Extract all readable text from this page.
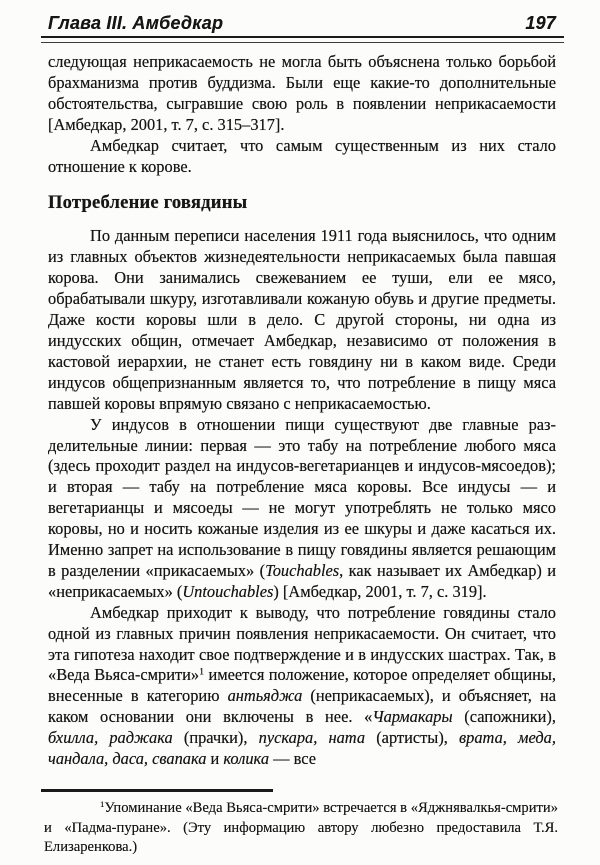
Глава III. Амбедкар	197

следующая неприкасаемость не могла быть объяснена только борьбой брахманизма против буддизма. Были еще какие-то дополнительные обстоятельства, сыгравшие свою роль в появлении неприкасаемости [Амбедкар, 2001, т. 7, с. 315–317].

Амбедкар считает, что самым существенным из них стало отношение к корове.

Потребление говядины

По данным переписи населения 1911 года выяснилось, что одним из главных объектов жизнедеятельности неприкасаемых была павшая корова. Они занимались свежеванием ее туши, ели ее мясо, обрабатывали шкуру, изготавливали кожаную обувь и другие предметы. Даже кости коровы шли в дело. С другой стороны, ни одна из индусских общин, отмечает Амбедкар, независимо от положения в кастовой иерархии, не станет есть говядину ни в каком виде. Среди индусов общепризнанным является то, что потребление в пищу мяса павшей коровы впрямую связано с неприкасаемостью.

У индусов в отношении пищи существуют две главные разделительные линии: первая — это табу на потребление любого мяса (здесь проходит раздел на индусов-вегетарианцев и индусов-мясоедов); и вторая — табу на потребление мяса коровы. Все индусы — и вегетарианцы и мясоеды — не могут употреблять не только мясо коровы, но и носить кожаные изделия из ее шкуры и даже касаться их. Именно запрет на использование в пищу говядины является решающим в разделении «прикасаемых» (Touchables, как называет их Амбедкар) и «неприкасаемых» (Untouchables) [Амбедкар, 2001, т. 7, с. 319].

Амбедкар приходит к выводу, что потребление говядины стало одной из главных причин появления неприкасаемости. Он считает, что эта гипотеза находит свое подтверждение и в индусских шастрах. Так, в «Веда Вьяса-смрити»$^1$ имеется положение, которое определяет общины, внесенные в категорию антьяджа (неприкасаемых), и объясняет, на каком основании они включены в нее. «Чармакары (сапожники), бхилла, раджака (прачки), пускара, ната (артисты), врата, меда, чандала, даса, свапака и колика — все

$^1$Упоминание «Веда Вьяса-смрити» встречается в «Яджнявалкья-смрити» и «Падма-пуране». (Эту информацию автору любезно предоставила Т.Я. Елизаренкова.)
